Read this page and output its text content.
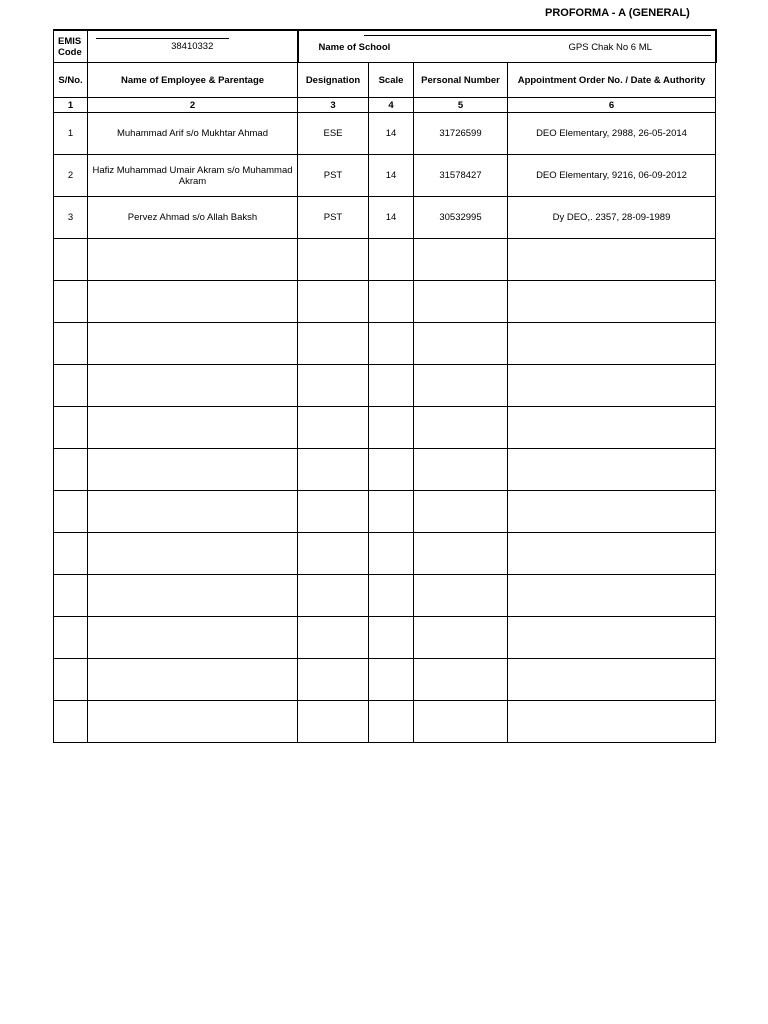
PROFORMA - A (GENERAL)
EMIS Code	38410332	Name of School GPS Chak No 6 ML			

S/No.	Name of Employee & Parentage	Designation	Scale	Personal Number	Appointment Order No. / Date & Authority
1	2	3	4	5	6
1	Muhammad Arif s/o Mukhtar Ahmad	ESE	14	31726599	DEO Elementary, 2988, 26-05-2014
2	Hafiz Muhammad Umair Akram s/o Muhammad Akram	PST	14	31578427	DEO Elementary, 9216, 06-09-2012
3	Pervez Ahmad s/o Allah Baksh	PST	14	30532995	Dy DEO,. 2357, 28-09-1989
